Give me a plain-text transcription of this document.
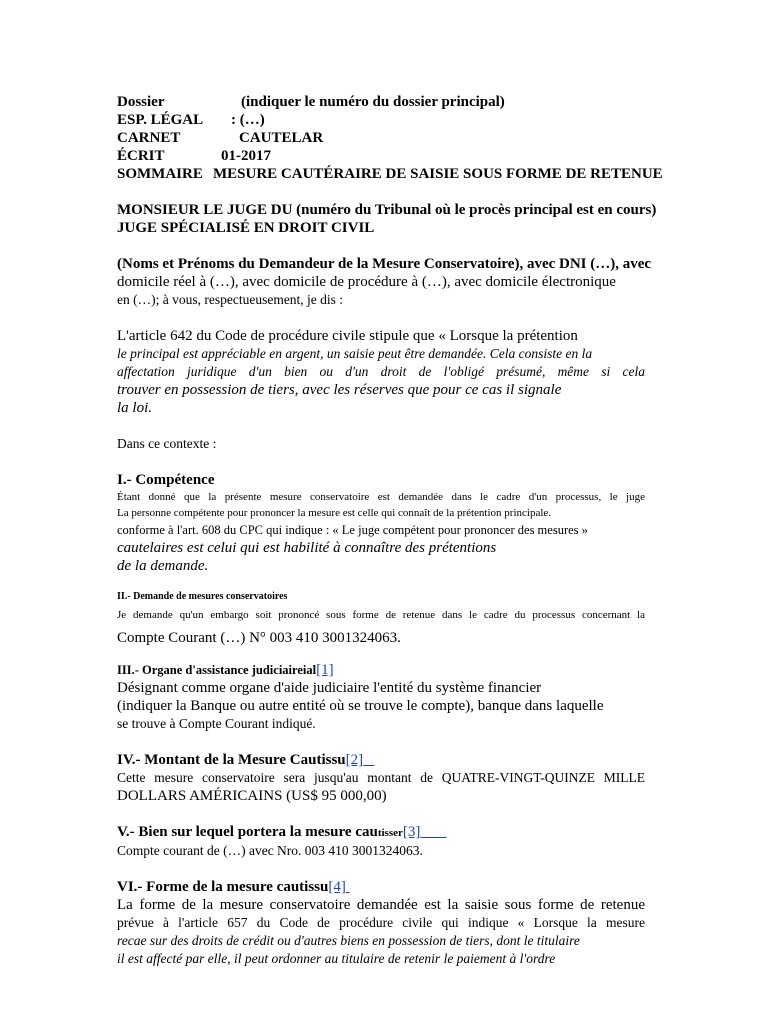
Dossier	(indiquer le numéro du dossier principal)
ESP. LÉGAL : (…)
CARNET	CAUTELAR
ÉCRIT	01-2017
SOMMAIRE MESURE CAUTÉRAIRE DE SAISIE SOUS FORME DE RETENUE
MONSIEUR LE JUGE DU (numéro du Tribunal où le procès principal est en cours)
JUGE SPÉCIALISÉ EN DROIT CIVIL
(Noms et Prénoms du Demandeur de la Mesure Conservatoire), avec DNI (…), avec
domicile réel à (…), avec domicile de procédure à (…), avec domicile électronique
en (…); à vous, respectueusement, je dis :
L'article 642 du Code de procédure civile stipule que « Lorsque la prétention
le principal est appréciable en argent, un saisie peut être demandée. Cela consiste en la
affectation juridique d'un bien ou d'un droit de l'obligé présumé, même si cela
trouver en possession de tiers, avec les réserves que pour ce cas il signale
la loi.
Dans ce contexte :
I.- Compétence
Étant donné que la présente mesure conservatoire est demandée dans le cadre d'un processus, le juge
La personne compétente pour prononcer la mesure est celle qui connaît de la prétention principale.
conforme à l'art. 608 du CPC qui indique : « Le juge compétent pour prononcer des mesures »
cautelaires est celui qui est habilité à connaître des prétentions
de la demande.
II.- Demande de mesures conservatoires
Je demande qu'un embargo soit prononcé sous forme de retenue dans le cadre du processus concernant la
Compte Courant (…) N° 003 410 3001324063.
III.- Organe d'assistance judiciaireial[1]
Désignant comme organe d'aide judiciaire l'entité du système financier
(indiquer la Banque ou autre entité où se trouve le compte), banque dans laquelle
se trouve à Compte Courant indiqué.
IV.- Montant de la Mesure Cautissu[2]
Cette mesure conservatoire sera jusqu'au montant de QUATRE-VINGT-QUINZE MILLE
DOLLARS AMÉRICAINS (US$ 95 000,00)
V.- Bien sur lequel portera la mesure cautisser[3]
Compte courant de (…) avec Nro. 003 410 3001324063.
VI.- Forme de la mesure cautissu[4]
La forme de la mesure conservatoire demandée est la saisie sous forme de retenue
prévue à l'article 657 du Code de procédure civile qui indique « Lorsque la mesure
recae sur des droits de crédit ou d'autres biens en possession de tiers, dont le titulaire
il est affecté par elle, il peut ordonner au titulaire de retenir le paiement à l'ordre
